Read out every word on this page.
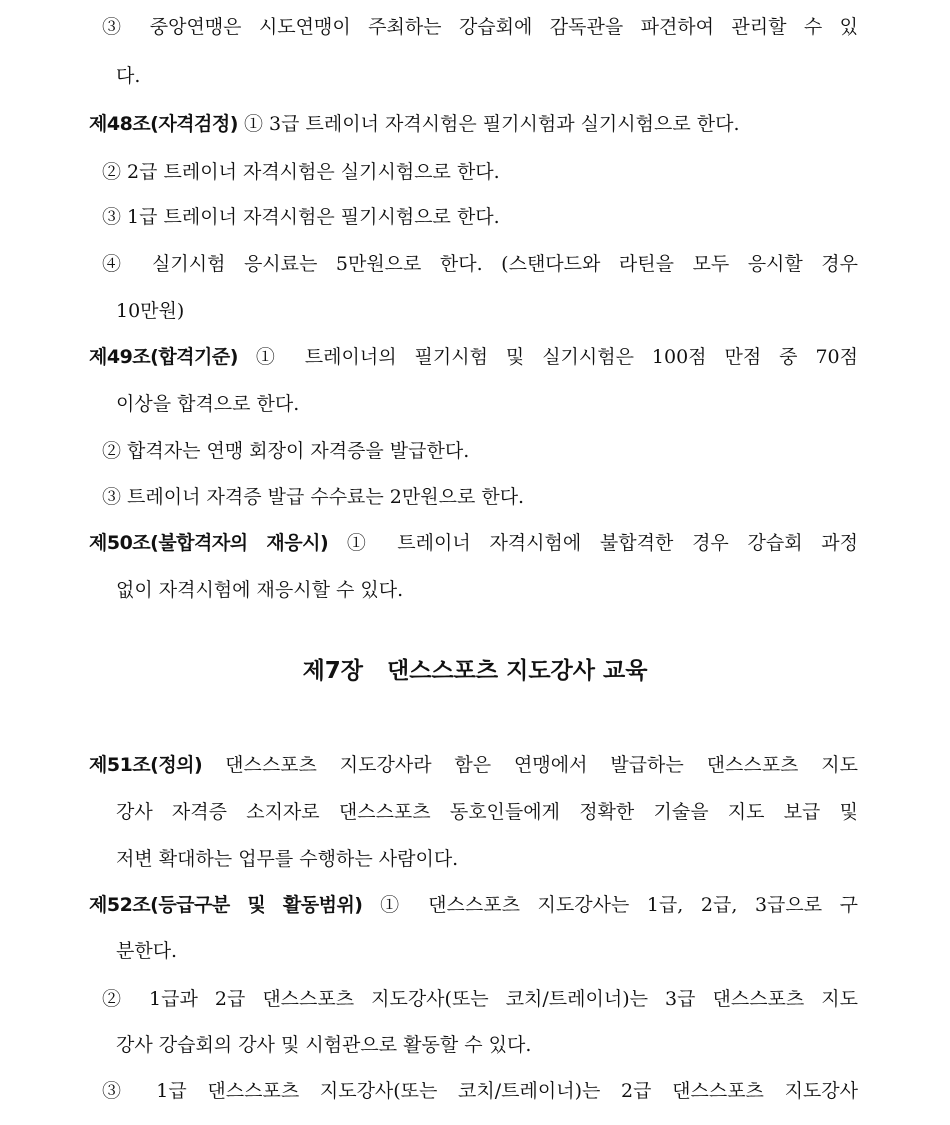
③ 중앙연맹은 시도연맹이 주최하는 강습회에 감독관을 파견하여 관리할 수 있
다.
제48조(자격검정) ① 3급 트레이너 자격시험은 필기시험과 실기시험으로 한다.
② 2급 트레이너 자격시험은 실기시험으로 한다.
③ 1급 트레이너 자격시험은 필기시험으로 한다.
④ 실기시험 응시료는 5만원으로 한다. (스탠다드와 라틴을 모두 응시할 경우
10만원)
제49조(합격기준) ① 트레이너의 필기시험 및 실기시험은 100점 만점 중 70점
이상을 합격으로 한다.
② 합격자는 연맹 회장이 자격증을 발급한다.
③ 트레이너 자격증 발급 수수료는 2만원으로 한다.
제50조(불합격자의 재응시) ① 트레이너 자격시험에 불합격한 경우 강습회 과정
없이 자격시험에 재응시할 수 있다.
제7장   댄스스포츠 지도강사 교육
제51조(정의) 댄스스포츠 지도강사라 함은 연맹에서 발급하는 댄스스포츠 지도
강사 자격증 소지자로 댄스스포츠 동호인들에게 정확한 기술을 지도 보급 및
저변 확대하는 업무를 수행하는 사람이다.
제52조(등급구분 및 활동범위) ① 댄스스포츠 지도강사는 1급, 2급, 3급으로 구
분한다.
② 1급과 2급 댄스스포츠 지도강사(또는 코치/트레이너)는 3급 댄스스포츠 지도
강사 강습회의 강사 및 시험관으로 활동할 수 있다.
③ 1급 댄스스포츠 지도강사(또는 코치/트레이너)는 2급 댄스스포츠 지도강사
